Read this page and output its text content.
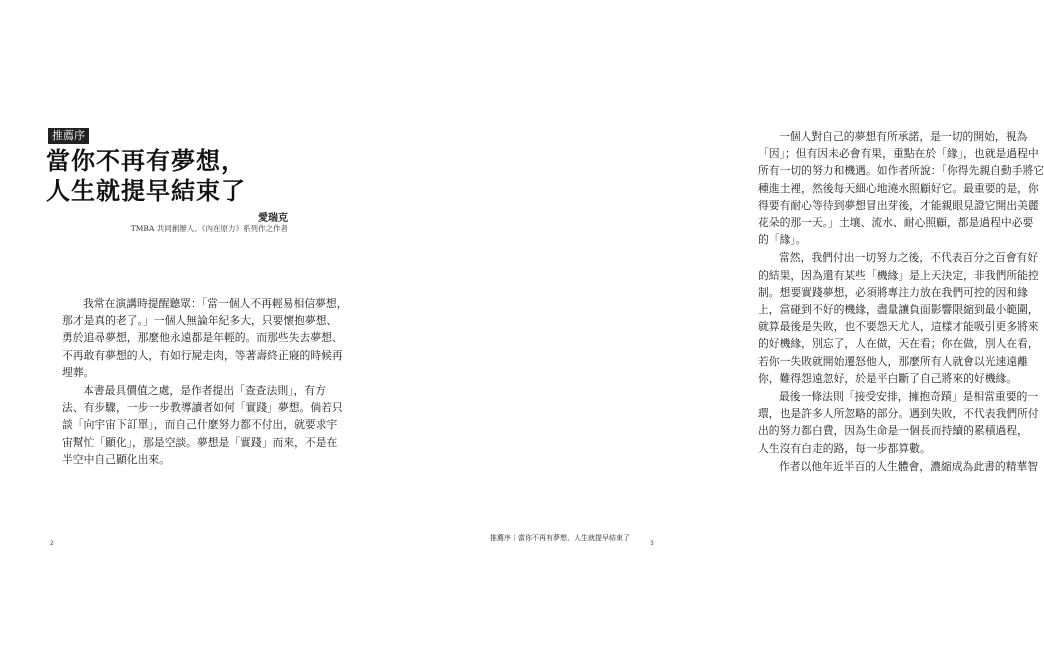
推薦序
當你不再有夢想，
人生就提早結束了
愛瑞克
TMBA 共同創辦人、《內在原力》系列作之作者

我常在演講時提醒聽眾：「當一個人不再輕易相信夢想，
那才是真的老了。」一個人無論年紀多大，只要懷抱夢想、
勇於追尋夢想，那麼他永遠都是年輕的。而那些失去夢想、
不再敢有夢想的人，有如行屍走肉，等著壽終正寢的時候再
埋葬。

本書最具價值之處，是作者提出「查查法則」，有方
法、有步驟，一步一步教導讀者如何「實踐」夢想。倘若只
談「向宇宙下訂單」，而自己什麼努力都不付出，就要求宇
宙幫忙「顯化」，那是空談。夢想是「實踐」而來，不是在
半空中自己顯化出來。

2

一個人對自己的夢想有所承諾，是一切的開始，視為
「因」；但有因未必會有果，重點在於「緣」，也就是過程中
所有一切的努力和機遇。如作者所說：「你得先親自動手將它
種進土裡，然後每天細心地澆水照顧好它。最重要的是，你
得要有耐心等待到夢想冒出芽後，才能親眼見證它開出美麗
花朵的那一天。」土壤、流水、耐心照顧，都是過程中必要
的「緣」。

當然，我們付出一切努力之後，不代表百分之百會有好
的結果，因為還有某些「機緣」是上天決定，非我們所能控
制。想要實踐夢想，必須將專注力放在我們可控的因和緣
上，當碰到不好的機緣，盡量讓負面影響限縮到最小範圍，
就算最後是失敗，也不要怨天尤人，這樣才能吸引更多將來
的好機緣，別忘了，人在做，天在看；你在做，別人在看，
若你一失敗就開始遷怒他人，那麼所有人就會以光速遠離
你，難得怨遠忽好，於是平白斷了自己將來的好機緣。

最後一條法則「接受安排，擁抱奇蹟」是相當重要的一
環，也是許多人所忽略的部分。遇到失敗，不代表我們所付
出的努力都白費，因為生命是一個長而持續的累積過程，
人生沒有白走的路，每一步都算數。

作者以他年近半百的人生體會，濃縮成為此書的精華智

推薦序｜當你不再有夢想，人生就提早結束了
3
